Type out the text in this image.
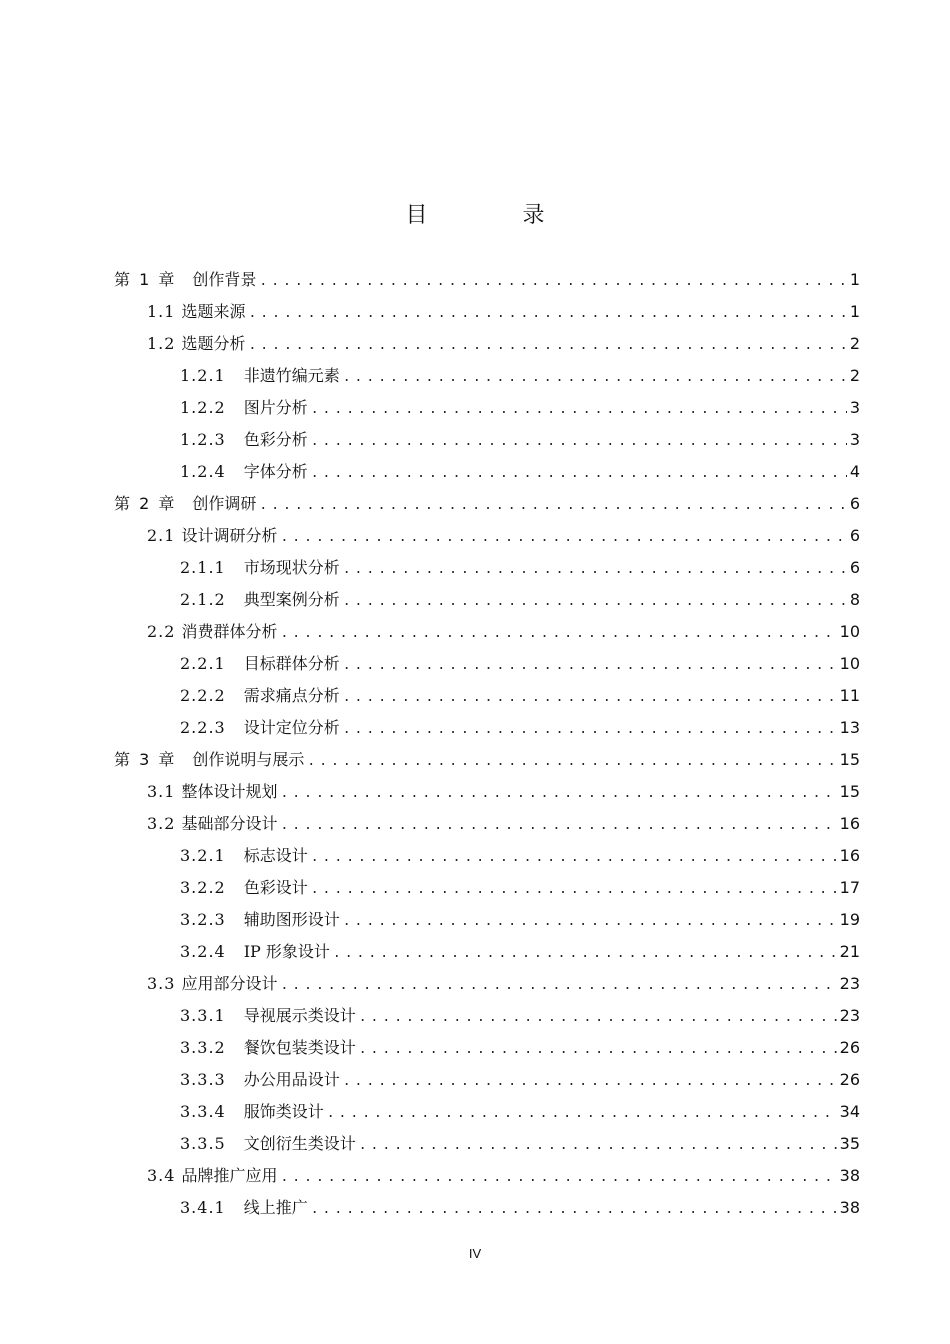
目 录
第 1 章 创作背景 .....	1
1.1 选题来源 .....	1
1.2 选题分析 .....	2
1.2.1 非遗竹编元素 .....	2
1.2.2 图片分析 .....	3
1.2.3 色彩分析 .....	3
1.2.4 字体分析 .....	4
第 2 章 创作调研 .....	6
2.1 设计调研分析 .....	6
2.1.1 市场现状分析 .....	6
2.1.2 典型案例分析 .....	8
2.2 消费群体分析 .....	10
2.2.1 目标群体分析 .....	10
2.2.2 需求痛点分析 .....	11
2.2.3 设计定位分析 .....	13
第 3 章 创作说明与展示 .....	15
3.1 整体设计规划 .....	15
3.2 基础部分设计 .....	16
3.2.1 标志设计 .....	16
3.2.2 色彩设计 .....	17
3.2.3 辅助图形设计 .....	19
3.2.4 IP 形象设计 .....	21
3.3 应用部分设计 .....	23
3.3.1 导视展示类设计 .....	23
3.3.2 餐饮包装类设计 .....	26
3.3.3 办公用品设计 .....	26
3.3.4 服饰类设计 .....	34
3.3.5 文创衍生类设计 .....	35
3.4 品牌推广应用 .....	38
3.4.1 线上推广 .....	38
IV
